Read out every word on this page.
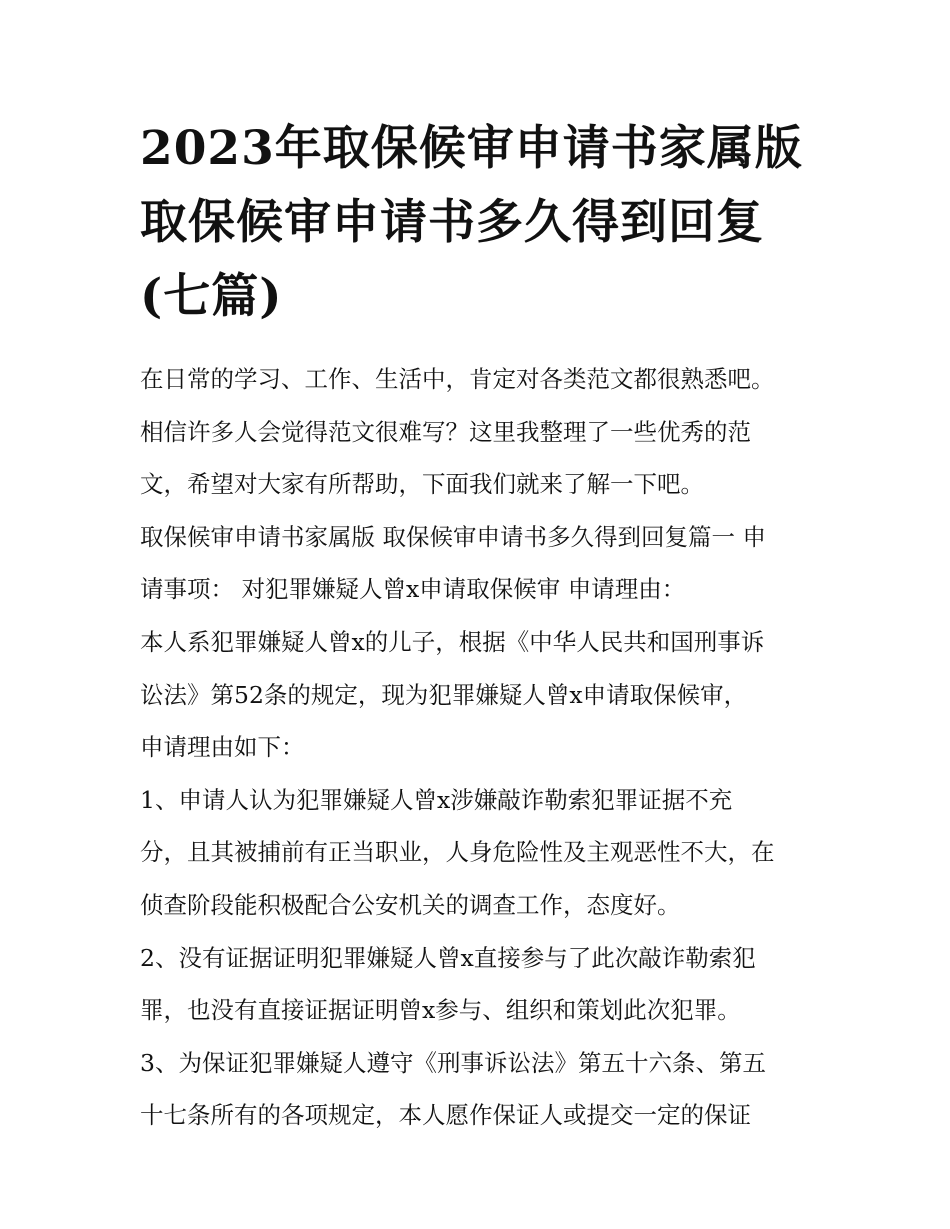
2023年取保候审申请书家属版
取保候审申请书多久得到回复
(七篇)
在日常的学习、工作、生活中，肯定对各类范文都很熟悉吧。
相信许多人会觉得范文很难写？这里我整理了一些优秀的范
文，希望对大家有所帮助，下面我们就来了解一下吧。
取保候审申请书家属版 取保候审申请书多久得到回复篇一 申
请事项： 对犯罪嫌疑人曾x申请取保候审 申请理由：
本人系犯罪嫌疑人曾x的儿子，根据《中华人民共和国刑事诉
讼法》第52条的规定，现为犯罪嫌疑人曾x申请取保候审，
申请理由如下：
1、申请人认为犯罪嫌疑人曾x涉嫌敲诈勒索犯罪证据不充
分，且其被捕前有正当职业，人身危险性及主观恶性不大，在
侦查阶段能积极配合公安机关的调查工作，态度好。
2、没有证据证明犯罪嫌疑人曾x直接参与了此次敲诈勒索犯
罪，也没有直接证据证明曾x参与、组织和策划此次犯罪。
3、为保证犯罪嫌疑人遵守《刑事诉讼法》第五十六条、第五
十七条所有的各项规定，本人愿作保证人或提交一定的保证
